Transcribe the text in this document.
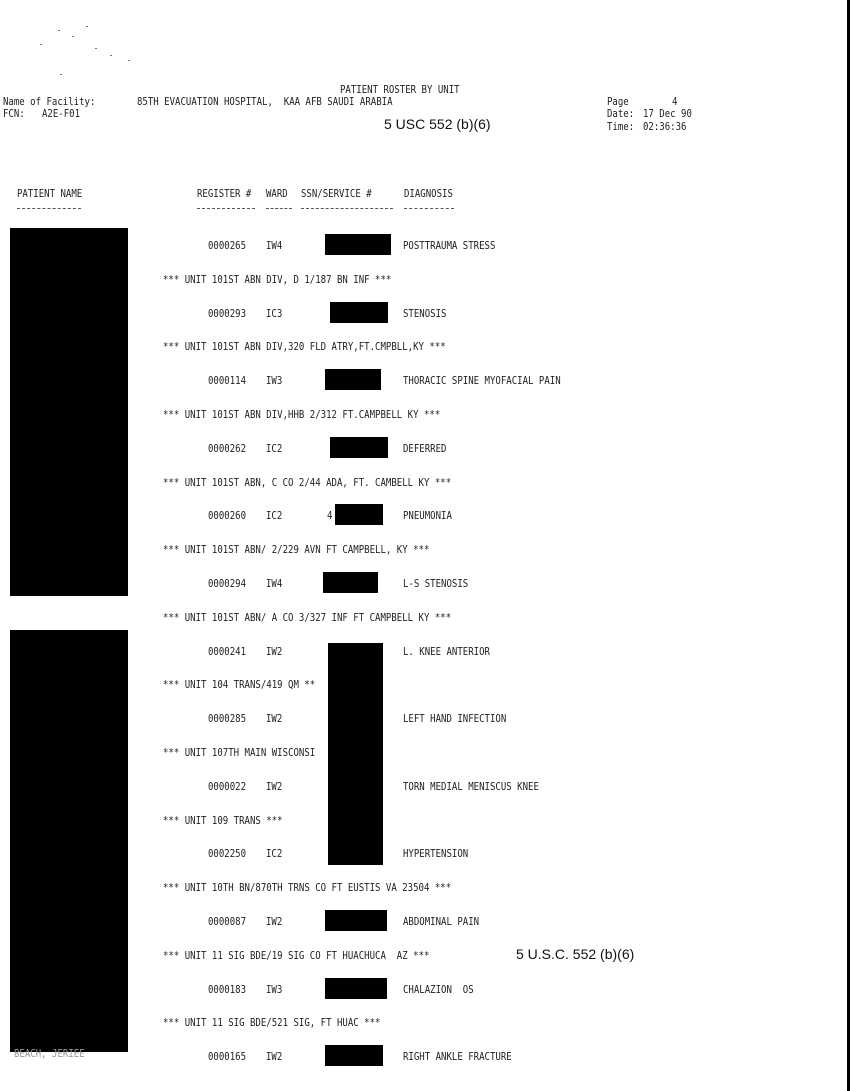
PATIENT ROSTER BY UNIT
Name of Facility:	85TH EVACUATION HOSPITAL,  KAA AFB SAUDI ARABIA
FCN: A2E-F01
Page	4
Date: 17 Dec 90
Time: 02:36:36
5 USC 552 (b)(6)
PATIENT NAME	REGISTER # WARD SSN/SERVICE #	DIAGNOSIS
0000265 IW4	POSTTRAUMA STRESS
*** UNIT 101ST ABN DIV, D 1/187 BN INF ***
0000293 IC3	STENOSIS
*** UNIT 101ST ABN DIV,320 FLD ATRY,FT.CMPBLL,KY ***
0000114 IW3	THORACIC SPINE MYOFACIAL PAIN
*** UNIT 101ST ABN DIV,HHB 2/312 FT.CAMPBELL KY ***
0000262 IC2	DEFERRED
*** UNIT 101ST ABN, C CO 2/44 ADA, FT. CAMBELL KY ***
0000260 IC2	4	PNEUMONIA
*** UNIT 101ST ABN/ 2/229 AVN FT CAMPBELL, KY ***
0000294 IW4	L-S STENOSIS
*** UNIT 101ST ABN/ A CO 3/327 INF FT CAMPBELL KY ***
0000241 IW2	L. KNEE ANTERIOR
*** UNIT 104 TRANS/419 QM **
0000285 IW2	LEFT HAND INFECTION
*** UNIT 107TH MAIN WISCONSI
0000022 IW2	TORN MEDIAL MENISCUS KNEE
*** UNIT 109 TRANS ***
0002250 IC2	HYPERTENSION
*** UNIT 10TH BN/870TH TRNS CO FT EUSTIS VA 23504 ***
0000087 IW2	ABDOMINAL PAIN
*** UNIT 11 SIG BDE/19 SIG CO FT HUACHUCA  AZ ***
0000183 IW3	CHALAZION  OS
*** UNIT 11 SIG BDE/521 SIG, FT HUAC ***
0000165 IW2	RIGHT ANKLE FRACTURE
BEACH, JERIEE
5 U.S.C. 552 (b)(6)
